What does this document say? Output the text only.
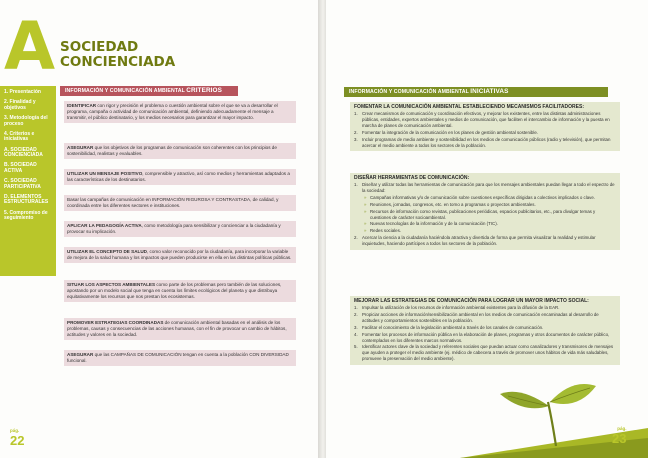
A SOCIEDAD
CONCIENCIADA
1. Presentación
2. Finalidad y objetivos
3. Metodología del proceso
4. Criterios e iniciativas
A. SOCIEDAD CONCIENCIADA
B. SOCIEDAD ACTIVA
C. SOCIEDAD PARTICIPATIVA
D. ELEMENTOS ESTRUCTURALES
5. Compromiso de seguimiento
INFORMACIÓN Y COMUNICACIÓN AMBIENTAL CRITERIOS
IDENTIFICAR con rigor y precisión el problema o cuestión ambiental sobre el que se va a desarrollar el programa, campaña o actividad de comunicación ambiental, definiendo adecuadamente el mensaje a transmitir, el público destinatario, y los medios necesarios para garantizar el mayor impacto.
ASEGURAR que los objetivos de los programas de comunicación son coherentes con los principios de sostenibilidad, realistas y evaluables.
UTILIZAR UN MENSAJE POSITIVO, comprensible y atractivo, así como medios y herramientas adaptados a las características de los destinatarios.
Basar las campañas de comunicación en INFORMACIÓN RIGUROSA Y CONTRASTADA, de calidad, y coordinada entre los diferentes sectores e instituciones.
APLICAR LA PEDAGOGÍA ACTIVA, como metodología para sensibilizar y concienciar a la ciudadanía y provocar su implicación.
UTILIZAR EL CONCEPTO DE SALUD, como valor reconocido por la ciudadanía, para incorporar la variable de mejora de la salud humana y los impactos que pueden producirse en ella en las distintas políticas públicas.
SITUAR LOS ASPECTOS AMBIENTALES como parte de los problemas pero también de las soluciones, apostando por un modelo social que tenga en cuenta los límites ecológicos del planeta y que distribuya equitativamente los recursos que nos prestan los ecosistemas.
PROMOVER ESTRATEGIAS COORDINADAS de comunicación ambiental basadas en el análisis de los problemas, causas y consecuencias de las acciones humanas, con el fin de provocar un cambio de hábitos, actitudes y valores en la sociedad.
ASEGURAR que las CAMPAÑAS DE COMUNICACIÓN tengan en cuenta a la población CON DIVERSIDAD funcional.
pág.
22
INFORMACIÓN Y COMUNICACIÓN AMBIENTAL INICIATIVAS
FOMENTAR LA COMUNICACIÓN AMBIENTAL ESTABLECIENDO MECANISMOS FACILITADORES:
1. Crear mecanismos de comunicación y coordinación efectivos, y mejorar los existentes, entre las distintas administraciones públicas, entidades, expertos ambientales y medios de comunicación, que faciliten el intercambio de información y la puesta en marcha de planes de comunicación ambiental.
2. Fomentar la integración de la comunicación en los planes de gestión ambiental sostenible.
3. Incluir programas de medio ambiente y sostenibilidad en los medios de comunicación públicos (radio y televisión), que permitan acercar el medio ambiente a todos los sectores de la población.
DISEÑAR HERRAMIENTAS DE COMUNICACIÓN:
1. Diseñar y utilizar todas las herramientas de comunicación para que los mensajes ambientales puedan llegar a todo el espectro de la sociedad:
» Campañas informativas y/o de comunicación sobre cuestiones específicas dirigidas a colectivos implicados o clave.
» Reuniones, jornadas, congresos, etc. en torno a programas o proyectos ambientales.
» Recursos de información como revistas, publicaciones periódicas, espacios publicitarios, etc., para divulgar temas y cuestiones de carácter socioambiental.
» Nuevas tecnologías de la información y de la comunicación (TIC).
» Redes sociales.
2. Acercar la ciencia a la ciudadanía haciéndola atractiva y divertida de forma que permita visualizar la realidad y estimular inquietudes, haciendo partícipes a todos los sectores de la población.
MEJORAR LAS ESTRATEGIAS DE COMUNICACIÓN PARA LOGRAR UN MAYOR IMPACTO SOCIAL:
1. Impulsar la utilización de los recursos de información ambiental existentes para la difusión de la EAR.
2. Propiciar acciones de información/sensibilización ambiental en los medios de comunicación encaminadas al desarrollo de actitudes y comportamientos sostenibles en la población.
3. Facilitar el conocimiento de la legislación ambiental a través de los canales de comunicación.
4. Fomentar los procesos de información pública en la elaboración de planes, programas y otros documentos de carácter público, contemplados en los diferentes marcos normativos.
5. Identificar actores clave de la sociedad y referentes sociales que puedan actuar como canalizadores y transmisores de mensajes que ayuden a proteger el medio ambiente (ej. médico de cabecera a través de promover unos hábitos de vida más saludables, promueve la preservación del medio ambiente).
pág.
23
